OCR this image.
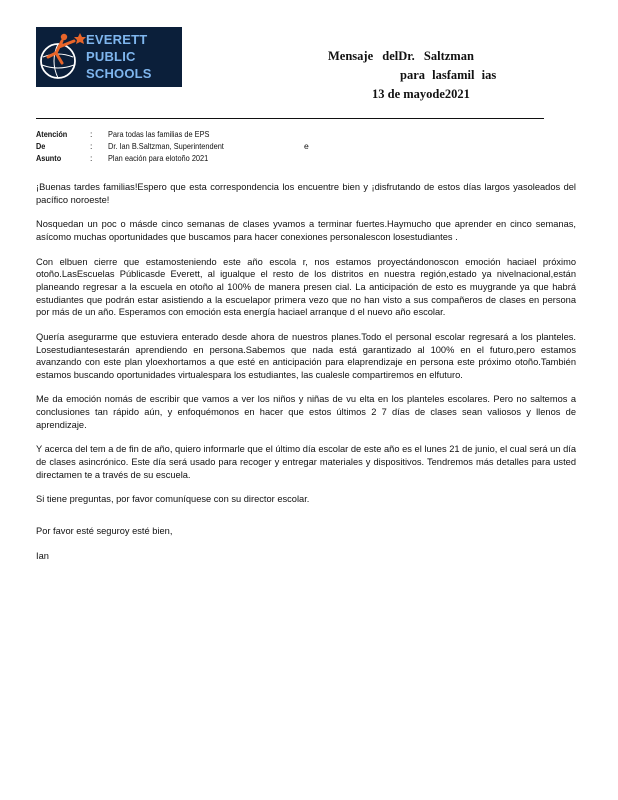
EVERETT
PUBLIC
SCHOOLS
Mensaje delDr. Saltzman
para lasfamil ias
13 de mayode2021
Atención	: Para todas las familias de EPS
De	: Dr. Ian B.Saltzman, Superintendent	e
Asunto	: Plan eación para elotoño 2021

¡Buenas tardes familias!Espero que esta correspondencia los encuentre bien y ¡disfrutando de estos días largos yasoleados del pacífico noroeste!

Nosquedan un poc o másde cinco semanas de clases yvamos a terminar fuertes.Haymucho que aprender en cinco semanas, asícomo muchas oportunidades que buscamos para hacer conexiones personalescon losestudiantes .

Con elbuen cierre que estamosteniendo este año escola r, nos estamos proyectándonoscon emoción haciael próximo otoño.LasEscuelas Públicasde Everett, al igualque el resto de los distritos en nuestra región,estado ya nivelnacional,están planeando regresar a la escuela en otoño al 100% de manera presen cial. La anticipación de esto es muygrande ya que habrá estudiantes que podrán estar asistiendo a la escuelapor primera vezo que no han visto a sus compañeros de clases en persona por más de un año. Esperamos con emoción esta energía haciael arranque d el nuevo año escolar.

Quería asegurarme que estuviera enterado desde ahora de nuestros planes.Todo el personal escolar regresará a los planteles. Losestudiantesestarán aprendiendo en persona.Sabemos que nada está garantizado al 100% en el futuro,pero estamos avanzando con este plan yloexhortamos a que esté en anticipación para elaprendizaje en persona este próximo otoño.También estamos buscando oportunidades virtualespara los estudiantes, las cualesle compartiremos en elfuturo.

Me da emoción nomás de escribir que vamos a ver los niños y niñas de vu elta en los planteles escolares. Pero no saltemos a conclusiones tan rápido aún, y enfoquémonos en hacer que estos últimos 2 7 días de clases sean valiosos y llenos de aprendizaje.

Y acerca del tem a de fin de año, quiero informarle que el último día escolar de este año es el lunes 21 de junio, el cual será un día de clases asincrónico. Este día será usado para recoger y entregar materiales y dispositivos. Tendremos más detalles para usted directamen te a través de su escuela.

Si tiene preguntas, por favor comuníquese con su director escolar.

Por favor esté seguroy esté bien,

Ian
